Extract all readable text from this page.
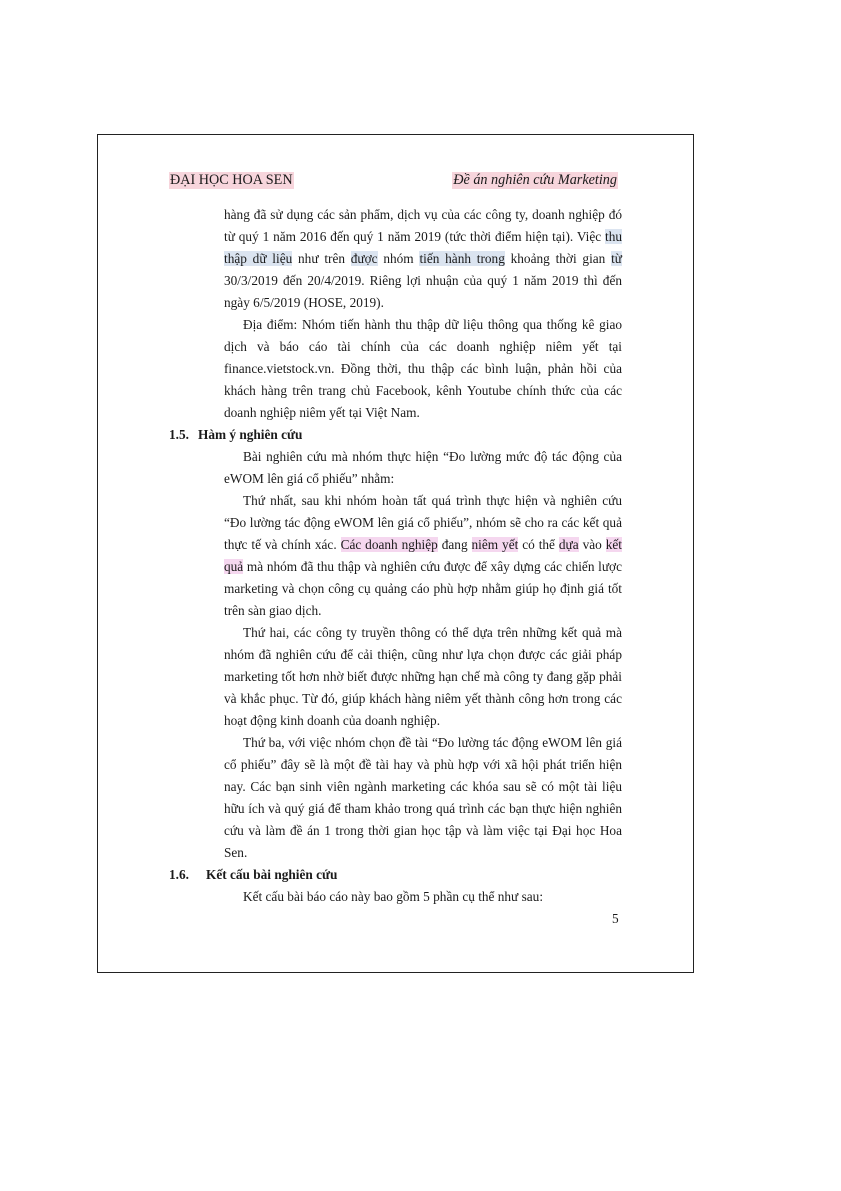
ĐẠI HỌC HOA SEN	Đề án nghiên cứu Marketing

hàng đã sử dụng các sản phẩm, dịch vụ của các công ty, doanh nghiệp đó từ quý 1 năm 2016 đến quý 1 năm 2019 (tức thời điểm hiện tại). Việc thu thập dữ liệu như trên được nhóm tiến hành trong khoảng thời gian từ 30/3/2019 đến 20/4/2019. Riêng lợi nhuận của quý 1 năm 2019 thì đến ngày 6/5/2019 (HOSE, 2019).

Địa điểm: Nhóm tiến hành thu thập dữ liệu thông qua thống kê giao dịch và báo cáo tài chính của các doanh nghiệp niêm yết tại finance.vietstock.vn. Đồng thời, thu thập các bình luận, phản hồi của khách hàng trên trang chủ Facebook, kênh Youtube chính thức của các doanh nghiệp niêm yết tại Việt Nam.

1.5. Hàm ý nghiên cứu

Bài nghiên cứu mà nhóm thực hiện “Đo lường mức độ tác động của eWOM lên giá cổ phiếu” nhằm:

Thứ nhất, sau khi nhóm hoàn tất quá trình thực hiện và nghiên cứu “Đo lường tác động eWOM lên giá cổ phiếu”, nhóm sẽ cho ra các kết quả thực tế và chính xác. Các doanh nghiệp đang niêm yết có thể dựa vào kết quả mà nhóm đã thu thập và nghiên cứu được để xây dựng các chiến lược marketing và chọn công cụ quảng cáo phù hợp nhằm giúp họ định giá tốt trên sàn giao dịch.

Thứ hai, các công ty truyền thông có thể dựa trên những kết quả mà nhóm đã nghiên cứu để cải thiện, cũng như lựa chọn được các giải pháp marketing tốt hơn nhờ biết được những hạn chế mà công ty đang gặp phải và khắc phục. Từ đó, giúp khách hàng niêm yết thành công hơn trong các hoạt động kinh doanh của doanh nghiệp.

Thứ ba, với việc nhóm chọn đề tài “Đo lường tác động eWOM lên giá cổ phiếu” đây sẽ là một đề tài hay và phù hợp với xã hội phát triển hiện nay. Các bạn sinh viên ngành marketing các khóa sau sẽ có một tài liệu hữu ích và quý giá để tham khảo trong quá trình các bạn thực hiện nghiên cứu và làm đề án 1 trong thời gian học tập và làm việc tại Đại học Hoa Sen.

1.6. Kết cấu bài nghiên cứu

Kết cấu bài báo cáo này bao gồm 5 phần cụ thể như sau:

5
